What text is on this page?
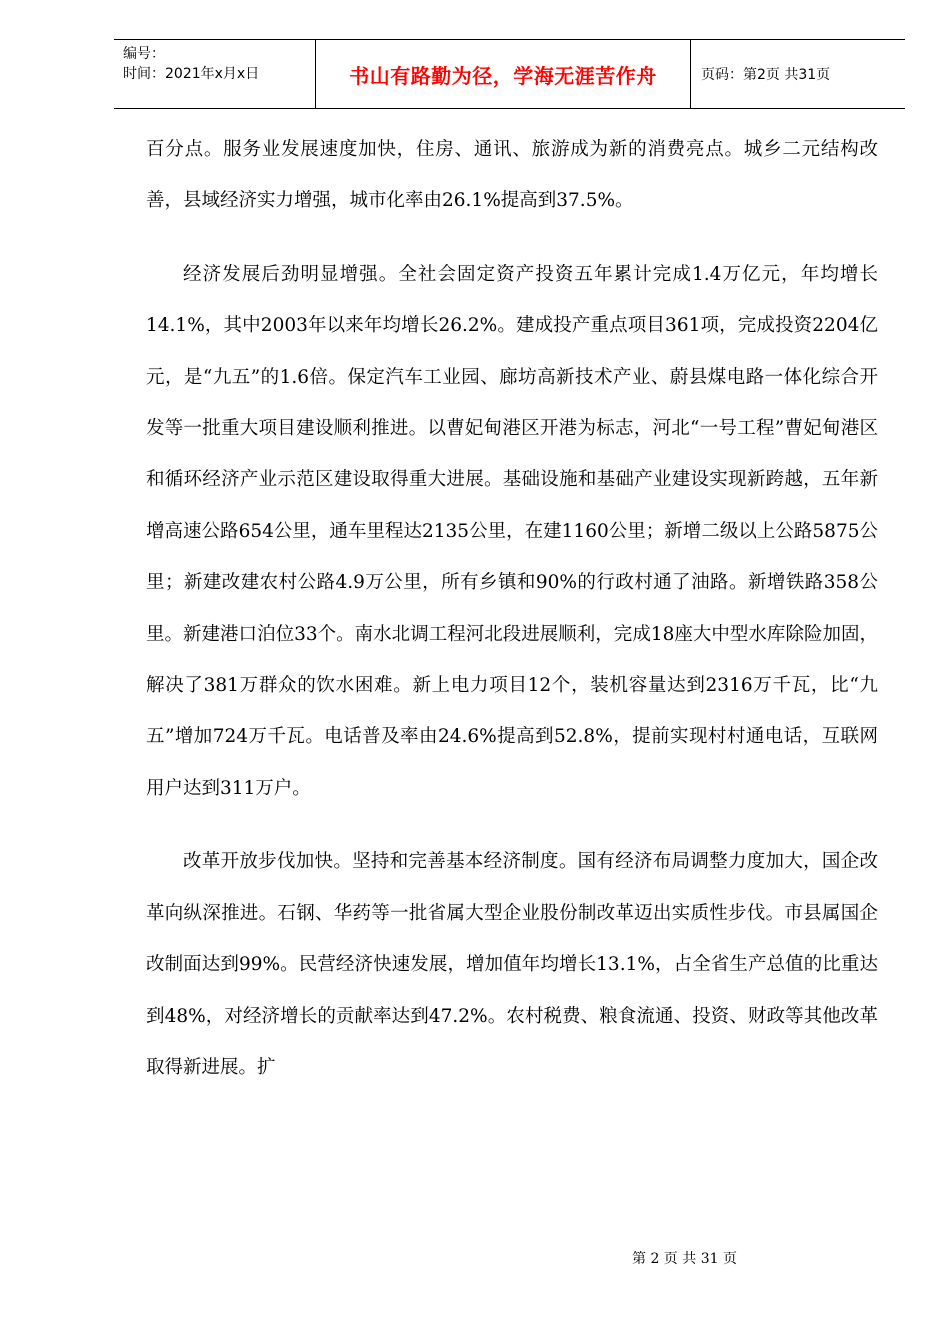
编号：
时间：2021年x月x日	书山有路勤为径，学海无涯苦作舟	页码：第2页 共31页

百分点。服务业发展速度加快，住房、通讯、旅游成为新的消费亮点。城乡二元结构改善，县域经济实力增强，城市化率由26.1%提高到37.5%。

经济发展后劲明显增强。全社会固定资产投资五年累计完成1.4万亿元，年均增长14.1%，其中2003年以来年均增长26.2%。建成投产重点项目361项，完成投资2204亿元，是“九五”的1.6倍。保定汽车工业园、廊坊高新技术产业、蔚县煤电路一体化综合开发等一批重大项目建设顺利推进。以曹妃甸港区开港为标志，河北“一号工程”曹妃甸港区和循环经济产业示范区建设取得重大进展。基础设施和基础产业建设实现新跨越，五年新增高速公路654公里，通车里程达2135公里，在建1160公里；新增二级以上公路5875公里；新建改建农村公路4.9万公里，所有乡镇和90%的行政村通了油路。新增铁路358公里。新建港口泊位33个。南水北调工程河北段进展顺利，完成18座大中型水库除险加固，解决了381万群众的饮水困难。新上电力项目12个，装机容量达到2316万千瓦，比“九五”增加724万千瓦。电话普及率由24.6%提高到52.8%，提前实现村村通电话，互联网用户达到311万户。

改革开放步伐加快。坚持和完善基本经济制度。国有经济布局调整力度加大，国企改革向纵深推进。石钢、华药等一批省属大型企业股份制改革迈出实质性步伐。市县属国企改制面达到99%。民营经济快速发展，增加值年均增长13.1%，占全省生产总值的比重达到48%，对经济增长的贡献率达到47.2%。农村税费、粮食流通、投资、财政等其他改革取得新进展。扩

第 2 页 共 31 页
